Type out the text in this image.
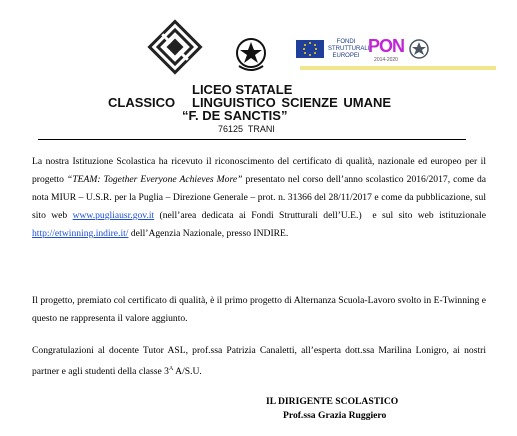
FONDI STRUTTURALI EUROPEI PON
2014-2020
LICEO STATALE
CLASSICO   LINGUISTICO SCIENZE UMANE
“F. DE SANCTIS”
76125  TRANI
La nostra Istituzione Scolastica ha ricevuto il riconoscimento del certificato di qualità, nazionale ed europeo per il progetto “TEAM: Together Everyone Achieves More” presentato nel corso dell’anno scolastico 2016/2017, come da nota MIUR – U.S.R. per la Puglia – Direzione Generale – prot. n. 31366 del 28/11/2017 e come da pubblicazione, sul sito web www.pugliausr.gov.it (nell’area dedicata ai Fondi Strutturali dell’U.E.)  e sul sito web istituzionale http://etwinning.indire.it/ dell’Agenzia Nazionale, presso INDIRE.
Il progetto, premiato col certificato di qualità, è il primo progetto di Alternanza Scuola-Lavoro svolto in E-Twinning e questo ne rappresenta il valore aggiunto.
Congratulazioni al docente Tutor ASL, prof.ssa Patrizia Canaletti, all’esperta dott.ssa Marilina Lonigro, ai nostri partner e agli studenti della classe $3^A$ A/S.U.
IL DIRIGENTE SCOLASTICO
Prof.ssa Grazia Ruggiero
